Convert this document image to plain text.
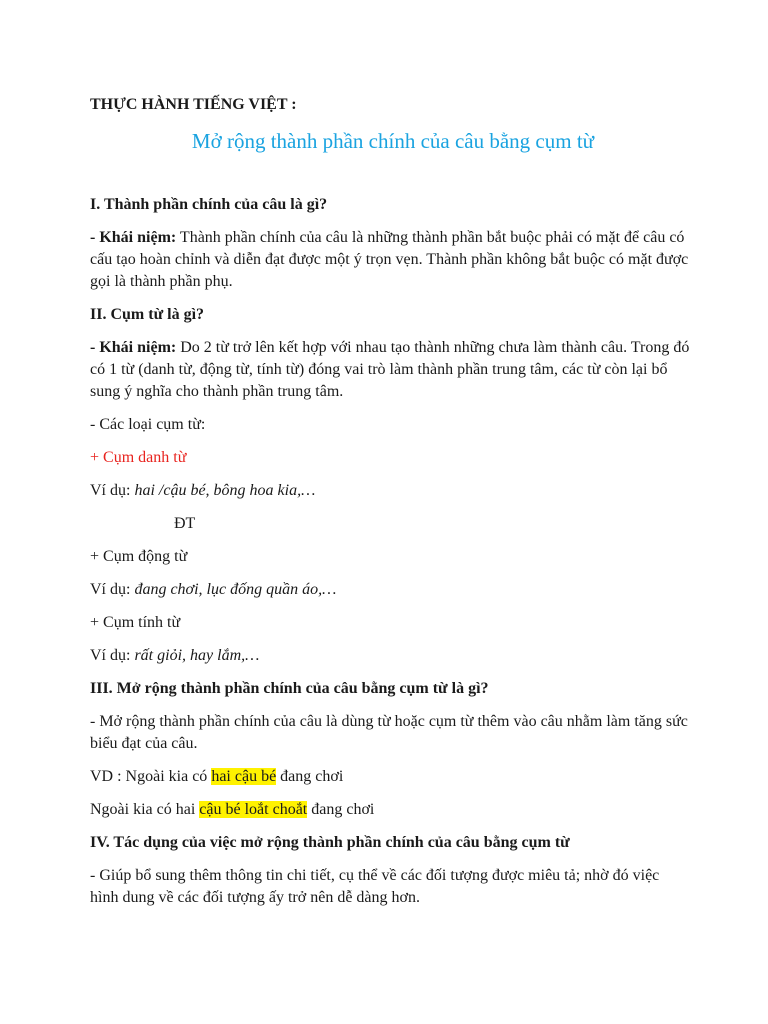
THỰC HÀNH TIẾNG VIỆT :

Mở rộng thành phần chính của câu bằng cụm từ

I. Thành phần chính của câu là gì?

- Khái niệm: Thành phần chính của câu là những thành phần bắt buộc phải có mặt để câu có cấu tạo hoàn chỉnh và diễn đạt được một ý trọn vẹn. Thành phần không bắt buộc có mặt được gọi là thành phần phụ.

II. Cụm từ là gì?

- Khái niệm: Do 2 từ trở lên kết hợp với nhau tạo thành những chưa làm thành câu. Trong đó có 1 từ (danh từ, động từ, tính từ) đóng vai trò làm thành phần trung tâm, các từ còn lại bổ sung ý nghĩa cho thành phần trung tâm.

- Các loại cụm từ:

+ Cụm danh từ

Ví dụ: hai /cậu bé, bông hoa kia,…

ĐT

+ Cụm động từ

Ví dụ: đang chơi, lục đống quần áo,…

+ Cụm tính từ

Ví dụ: rất giỏi, hay lắm,…

III. Mở rộng thành phần chính của câu bằng cụm từ là gì?

- Mở rộng thành phần chính của câu là dùng từ hoặc cụm từ thêm vào câu nhằm làm tăng sức biểu đạt của câu.

VD : Ngoài kia có hai cậu bé đang chơi

Ngoài kia có hai cậu bé loắt choắt đang chơi

IV. Tác dụng của việc mở rộng thành phần chính của câu bằng cụm từ

- Giúp bổ sung thêm thông tin chi tiết, cụ thể về các đối tượng được miêu tả; nhờ đó việc hình dung về các đối tượng ấy trở nên dễ dàng hơn.
